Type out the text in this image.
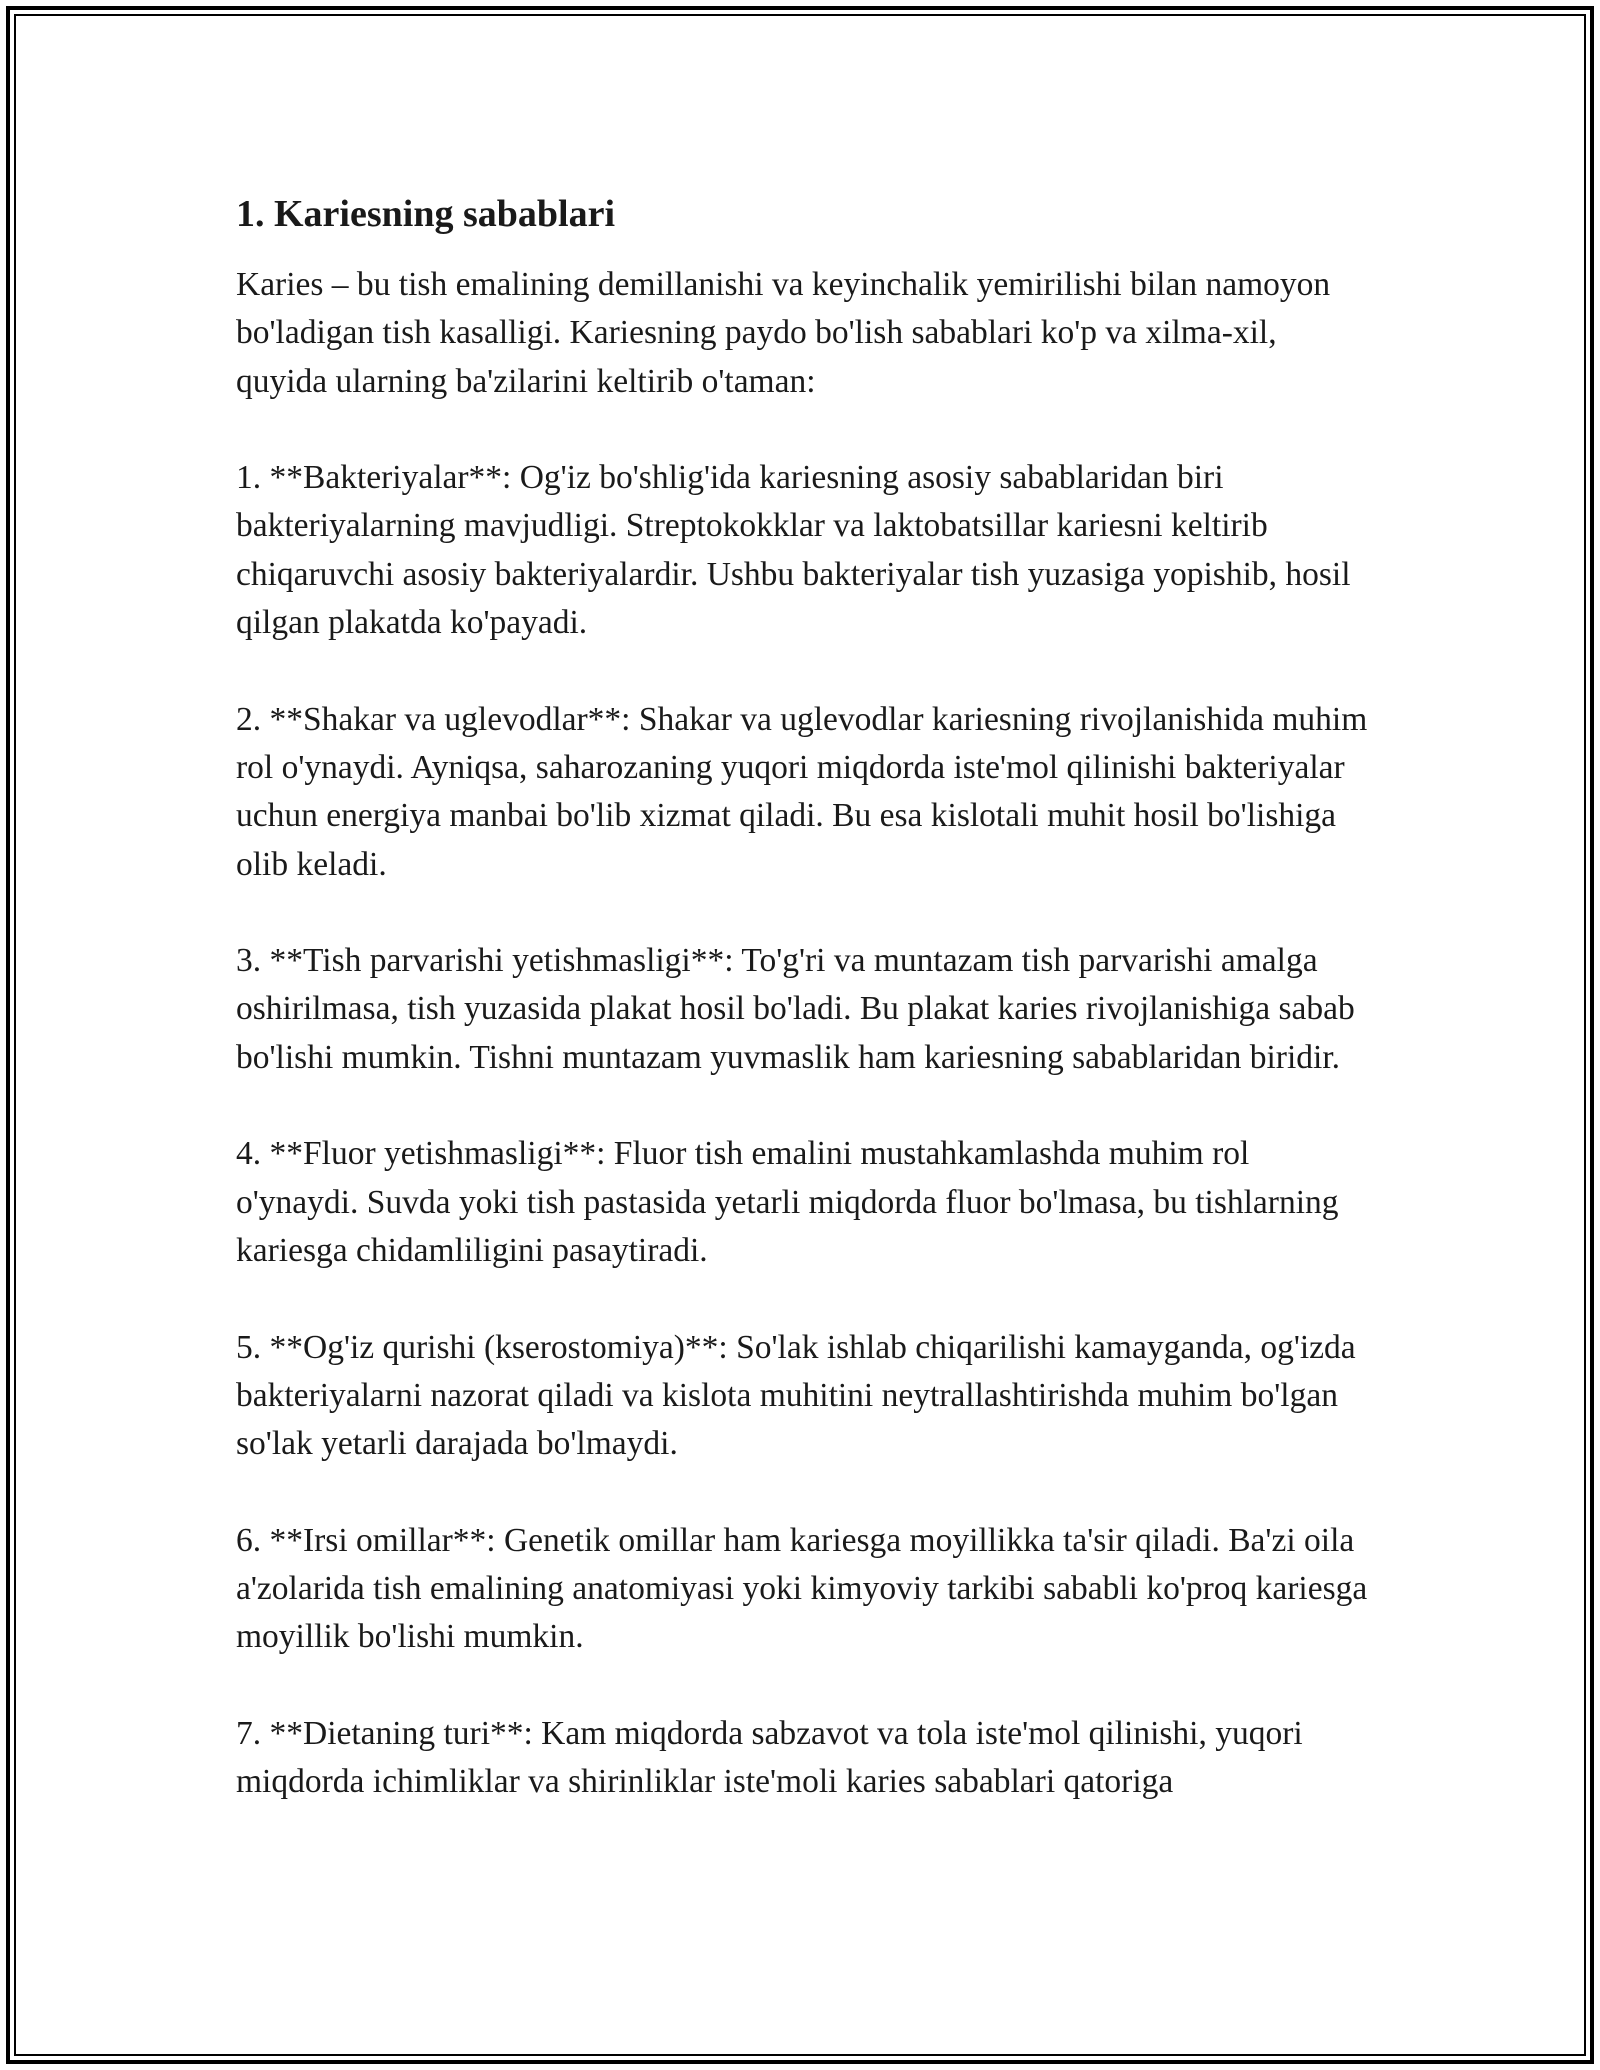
1. Kariesning sabablari

Karies – bu tish emalining demillanishi va keyinchalik yemirilishi bilan namoyon bo'ladigan tish kasalligi. Kariesning paydo bo'lish sabablari ko'p va xilma-xil, quyida ularning ba'zilarini keltirib o'taman:

1. **Bakteriyalar**: Og'iz bo'shlig'ida kariesning asosiy sabablaridan biri bakteriyalarning mavjudligi. Streptokokklar va laktobatsillar kariesni keltirib chiqaruvchi asosiy bakteriyalardir. Ushbu bakteriyalar tish yuzasiga yopishib, hosil qilgan plakatda ko'payadi.

2. **Shakar va uglevodlar**: Shakar va uglevodlar kariesning rivojlanishida muhim rol o'ynaydi. Ayniqsa, saharozaning yuqori miqdorda iste'mol qilinishi bakteriyalar uchun energiya manbai bo'lib xizmat qiladi. Bu esa kislotali muhit hosil bo'lishiga olib keladi.

3. **Tish parvarishi yetishmasligi**: To'g'ri va muntazam tish parvarishi amalga oshirilmasa, tish yuzasida plakat hosil bo'ladi. Bu plakat karies rivojlanishiga sabab bo'lishi mumkin. Tishni muntazam yuvmaslik ham kariesning sabablaridan biridir.

4. **Fluor yetishmasligi**: Fluor tish emalini mustahkamlashda muhim rol o'ynaydi. Suvda yoki tish pastasida yetarli miqdorda fluor bo'lmasa, bu tishlarning kariesga chidamliligini pasaytiradi.

5. **Og'iz qurishi (kserostomiya)**: So'lak ishlab chiqarilishi kamayganda, og'izda bakteriyalarni nazorat qiladi va kislota muhitini neytrallashtirishda muhim bo'lgan so'lak yetarli darajada bo'lmaydi.

6. **Irsi omillar**: Genetik omillar ham kariesga moyillikka ta'sir qiladi. Ba'zi oila a'zolarida tish emalining anatomiyasi yoki kimyoviy tarkibi sababli ko'proq kariesga moyillik bo'lishi mumkin.

7. **Dietaning turi**: Kam miqdorda sabzavot va tola iste'mol qilinishi, yuqori miqdorda ichimliklar va shirinliklar iste'moli karies sabablari qatoriga
